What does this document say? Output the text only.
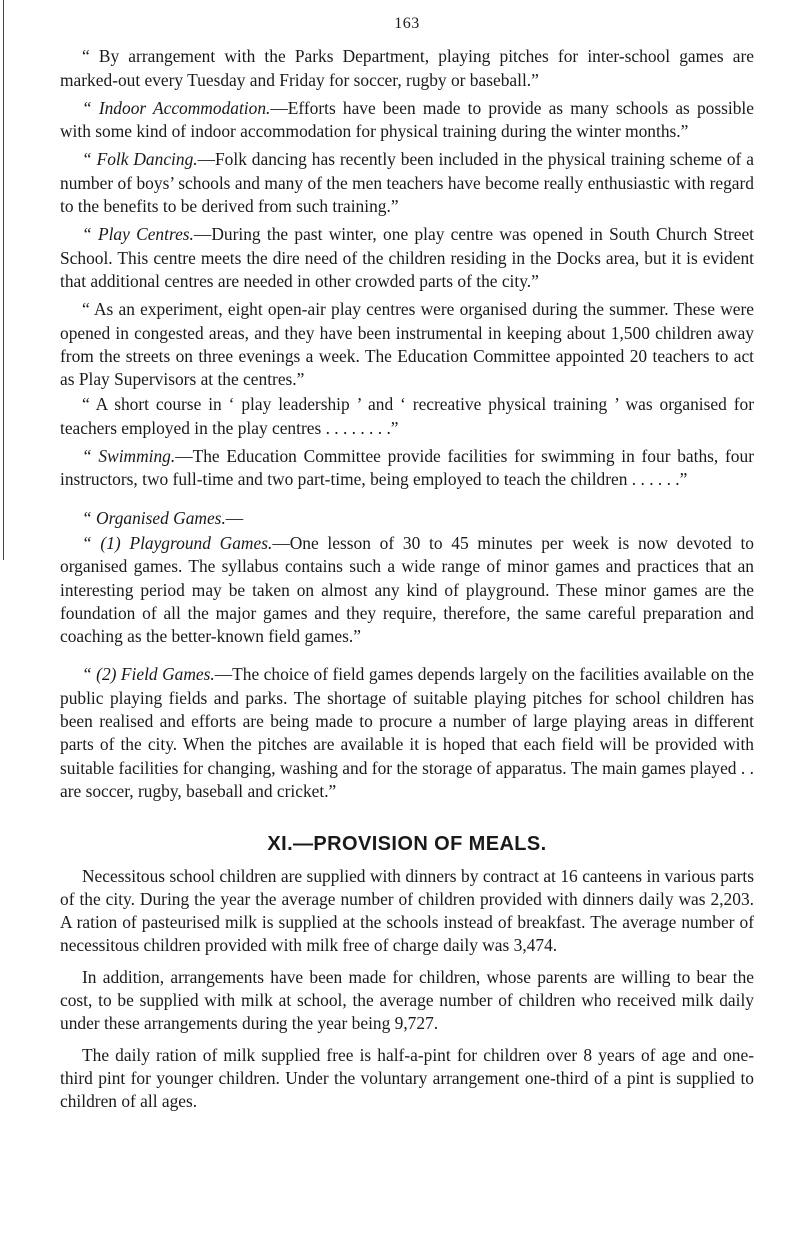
163

“ By arrangement with the Parks Department, playing pitches for inter-school games are marked-out every Tuesday and Friday for soccer, rugby or baseball.”

“ Indoor Accommodation.—Efforts have been made to provide as many schools as possible with some kind of indoor accommodation for physical training during the winter months.”

“ Folk Dancing.—Folk dancing has recently been included in the physical training scheme of a number of boys’ schools and many of the men teachers have become really enthusiastic with regard to the benefits to be derived from such training.”

“ Play Centres.—During the past winter, one play centre was opened in South Church Street School. This centre meets the dire need of the children residing in the Docks area, but it is evident that additional centres are needed in other crowded parts of the city.”

“ As an experiment, eight open-air play centres were organised during the summer. These were opened in congested areas, and they have been instrumental in keeping about 1,500 children away from the streets on three evenings a week. The Education Committee appointed 20 teachers to act as Play Supervisors at the centres.”

“ A short course in ‘ play leadership ’ and ‘ recreative physical training ’ was organised for teachers employed in the play centres . . . . . . . .”

“ Swimming.—The Education Committee provide facilities for swimming in four baths, four instructors, two full-time and two part-time, being employed to teach the children . . . . . .”

“ Organised Games.—

“ (1) Playground Games.—One lesson of 30 to 45 minutes per week is now devoted to organised games. The syllabus contains such a wide range of minor games and practices that an interesting period may be taken on almost any kind of playground. These minor games are the foundation of all the major games and they require, therefore, the same careful preparation and coaching as the better-known field games.”

“ (2) Field Games.—The choice of field games depends largely on the facilities available on the public playing fields and parks. The shortage of suitable playing pitches for school children has been realised and efforts are being made to procure a number of large playing areas in different parts of the city. When the pitches are available it is hoped that each field will be provided with suitable facilities for changing, washing and for the storage of apparatus. The main games played . . are soccer, rugby, baseball and cricket.”

XI.—PROVISION OF MEALS.

Necessitous school children are supplied with dinners by contract at 16 canteens in various parts of the city. During the year the average number of children provided with dinners daily was 2,203. A ration of pasteurised milk is supplied at the schools instead of breakfast. The average number of necessitous children provided with milk free of charge daily was 3,474.

In addition, arrangements have been made for children, whose parents are willing to bear the cost, to be supplied with milk at school, the average number of children who received milk daily under these arrangements during the year being 9,727.

The daily ration of milk supplied free is half-a-pint for children over 8 years of age and one-third pint for younger children. Under the voluntary arrangement one-third of a pint is supplied to children of all ages.
